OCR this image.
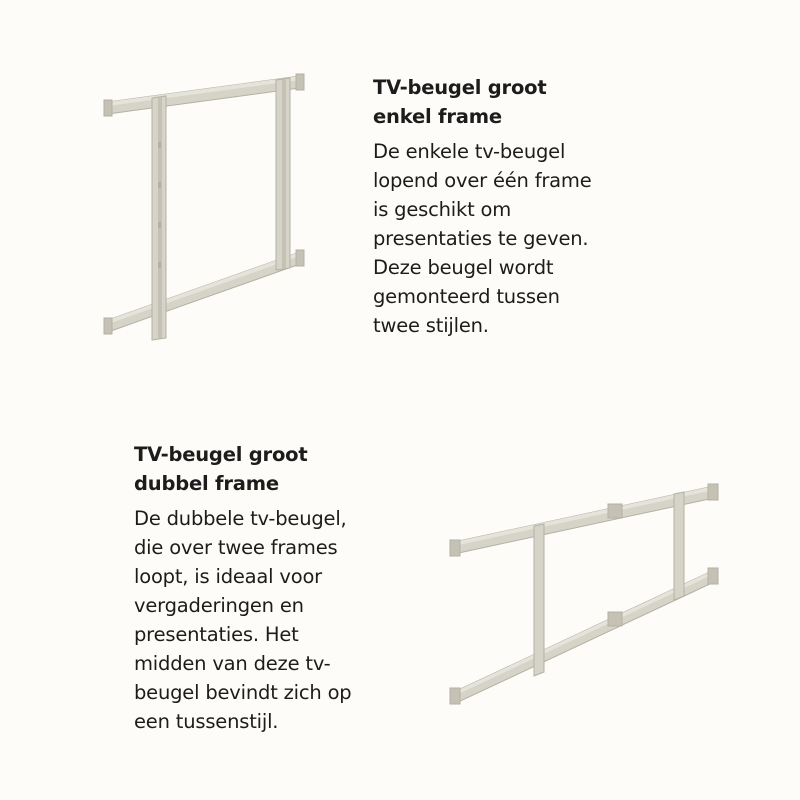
TV-beugel groot
enkel frame

De enkele tv-beugel
lopend over één frame
is geschikt om
presentaties te geven.
Deze beugel wordt
gemonteerd tussen
twee stijlen.

TV-beugel groot
dubbel frame

De dubbele tv-beugel,
die over twee frames
loopt, is ideaal voor
vergaderingen en
presentaties. Het
midden van deze tv-
beugel bevindt zich op
een tussenstijl.
